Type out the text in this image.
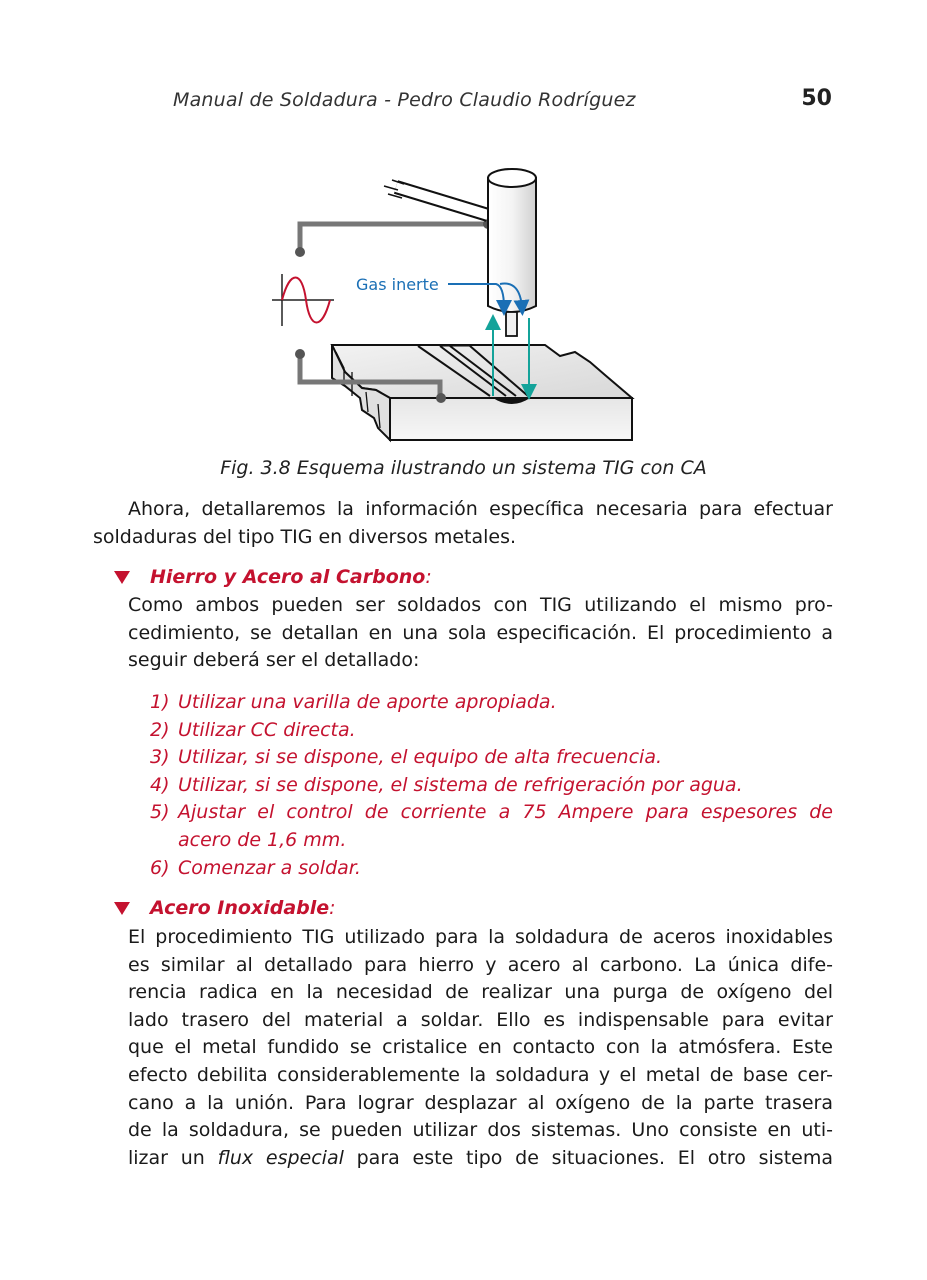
Manual de Soldadura - Pedro Claudio Rodríguez	50
Gas inerte
Fig. 3.8 Esquema ilustrando un sistema TIG con CA
Ahora, detallaremos la información específica necesaria para efectuar
soldaduras del tipo TIG en diversos metales.
Hierro y Acero al Carbono:
Como ambos pueden ser soldados con TIG utilizando el mismo pro-
cedimiento, se detallan en una sola especificación. El procedimiento a
seguir deberá ser el detallado:
1) Utilizar una varilla de aporte apropiada.
2) Utilizar CC directa.
3) Utilizar, si se dispone, el equipo de alta frecuencia.
4) Utilizar, si se dispone, el sistema de refrigeración por agua.
5) Ajustar el control de corriente a 75 Ampere para espesores de
acero de 1,6 mm.
6) Comenzar a soldar.
Acero Inoxidable:
El procedimiento TIG utilizado para la soldadura de aceros inoxidables
es similar al detallado para hierro y acero al carbono. La única dife-
rencia radica en la necesidad de realizar una purga de oxígeno del
lado trasero del material a soldar. Ello es indispensable para evitar
que el metal fundido se cristalice en contacto con la atmósfera. Este
efecto debilita considerablemente la soldadura y el metal de base cer-
cano a la unión. Para lograr desplazar al oxígeno de la parte trasera
de la soldadura, se pueden utilizar dos sistemas. Uno consiste en uti-
lizar un flux especial para este tipo de situaciones. El otro sistema
